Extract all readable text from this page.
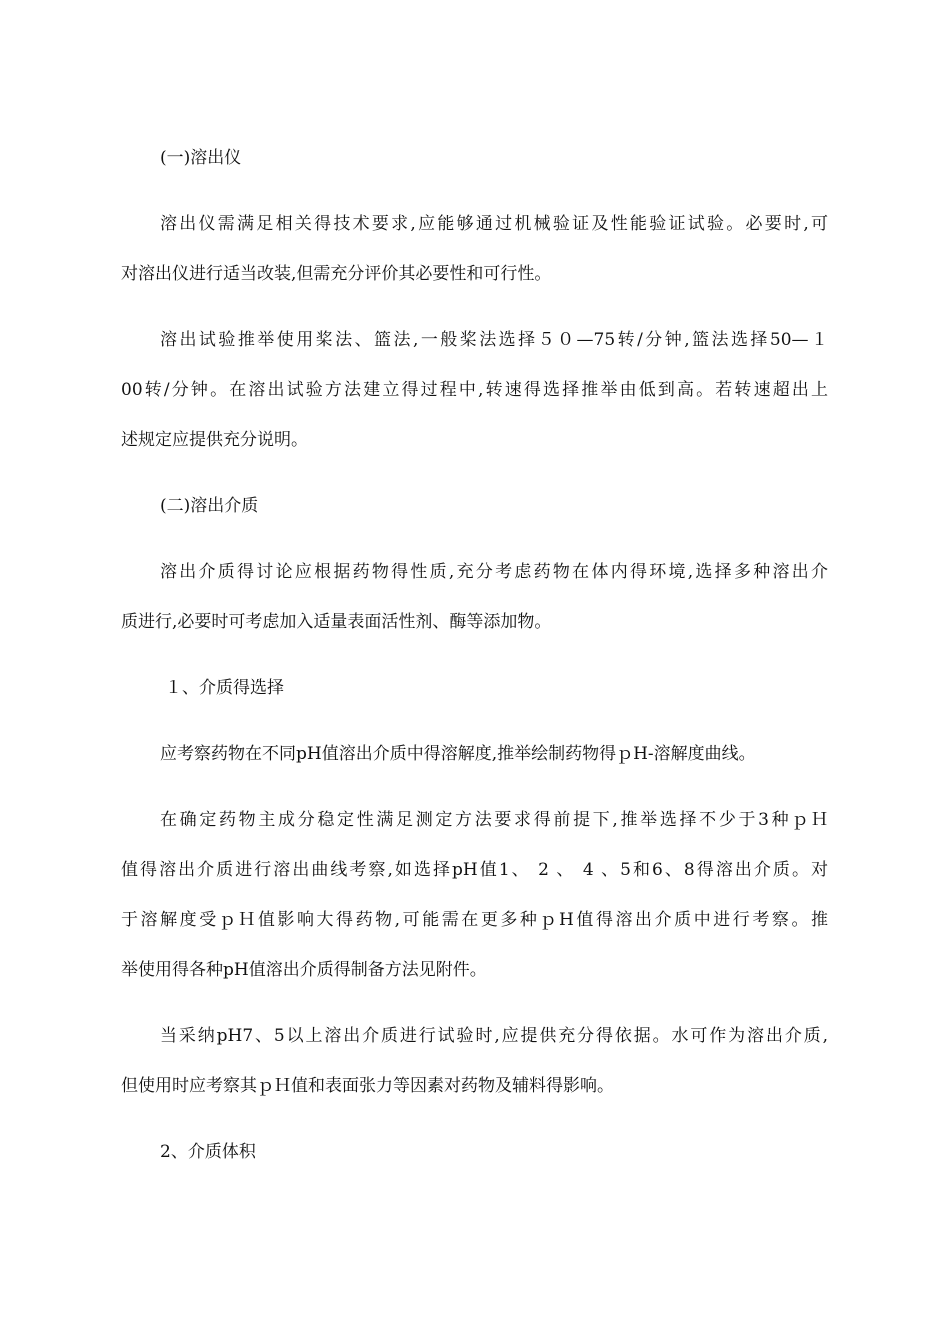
(一)溶出仪
溶出仪需满足相关得技术要求,应能够通过机械验证及性能验证试验。必要时,可
对溶出仪进行适当改装,但需充分评价其必要性和可行性。
溶出试验推举使用桨法、篮法,一般桨法选择５０—75转/分钟,篮法选择50—１
00转/分钟。在溶出试验方法建立得过程中,转速得选择推举由低到高。若转速超出上
述规定应提供充分说明。
(二)溶出介质
溶出介质得讨论应根据药物得性质,充分考虑药物在体内得环境,选择多种溶出介
质进行,必要时可考虑加入适量表面活性剂、酶等添加物。
１、介质得选择
应考察药物在不同pH值溶出介质中得溶解度,推举绘制药物得ｐH-溶解度曲线。
在确定药物主成分稳定性满足测定方法要求得前提下,推举选择不少于3种ｐＨ
值得溶出介质进行溶出曲线考察,如选择pH值1、 2 、 4 、5和6、8得溶出介质。对
于溶解度受ｐＨ值影响大得药物,可能需在更多种ｐH值得溶出介质中进行考察。推
举使用得各种pH值溶出介质得制备方法见附件。
当采纳pH7、5以上溶出介质进行试验时,应提供充分得依据。水可作为溶出介质,
但使用时应考察其ｐＨ值和表面张力等因素对药物及辅料得影响。
2、介质体积
